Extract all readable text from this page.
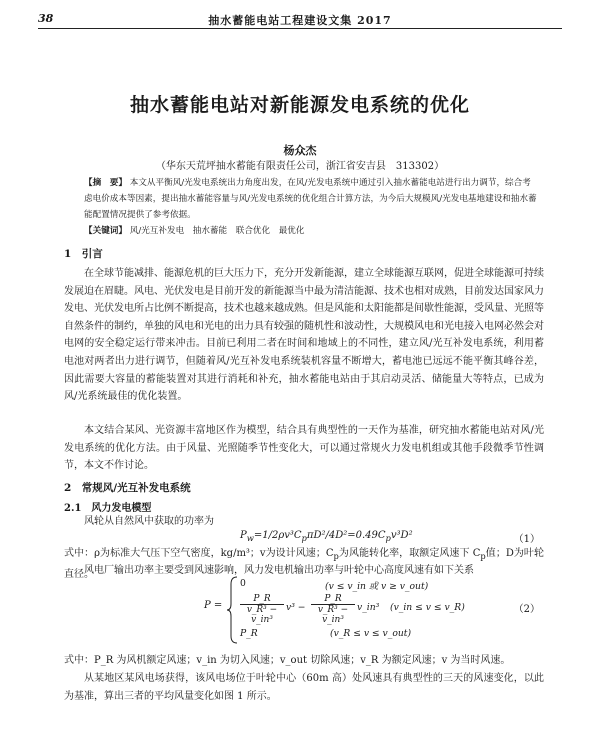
38	抽水蓄能电站工程建设文集 2017
抽水蓄能电站对新能源发电系统的优化
杨众杰
（华东天荒坪抽水蓄能有限责任公司，浙江省安吉县　313302）
【摘　要】 本文从平衡风/光发电系统出力角度出发，在风/光发电系统中通过引入抽水蓄能电站进行出力调节，综合考虑电价成本等因素，提出抽水蓄能容量与风/光发电系统的优化组合计算方法，为今后大规模风/光发电基地建设和抽水蓄能配置情况提供了参考依据。
【关键词】 风/光互补发电　抽水蓄能　联合优化　最优化
1　引言
在全球节能减排、能源危机的巨大压力下，充分开发新能源，建立全球能源互联网，促进全球能源可持续发展迫在眉睫。风电、光伏发电是目前开发的新能源当中最为清洁能源、技术也相对成熟，目前发达国家风力发电、光伏发电所占比例不断提高，技术也越来越成熟。但是风能和太阳能都是间歇性能源，受风量、光照等自然条件的制约，单独的风电和光电的出力具有较强的随机性和波动性，大规模风电和光电接入电网必然会对电网的安全稳定运行带来冲击。目前已利用二者在时间和地域上的不同性，建立风/光互补发电系统，利用蓄电池对两者出力进行调节，但随着风/光互补发电系统装机容量不断增大，蓄电池已远远不能平衡其峰谷差，因此需要大容量的蓄能装置对其进行消耗和补充，抽水蓄能电站由于其启动灵活、储能量大等特点，已成为风/光系统最佳的优化装置。
本文结合某风、光资源丰富地区作为模型，结合具有典型性的一天作为基准，研究抽水蓄能电站对风/光发电系统的优化方法。由于风量、光照随季节性变化大，可以通过常规火力发电机组或其他手段微季节性调节，本文不作讨论。
2　常规风/光互补发电系统
2.1　风力发电模型
风轮从自然风中获取的功率为
$P_w=1/2\rho v^3C_p\pi D^2/4D^2=0.49C_pv^3D^2$	（1）
式中：ρ为标准大气压下空气密度，kg/m³；v为设计风速；$C_p$为风能转化率，取额定风速下 $C_p$值；D为叶轮直径。
风电厂输出功率主要受到风速影响，风力发电机输出功率与叶轮中心高度风速有如下关系
P =	（2）
0	(v ≤ v_in 或 v ≥ v_out)
$\frac{P\_R}{\text{v\_R³ − v\_in³}} v^3 - \frac{P\_R}{\text{v\_R³ − v\_in³}}$ v_in³ (v_in ≤ v ≤ v_R)
P_R	(v_R ≤ v ≤ v_out)
式中：P_R 为风机额定风速；v_in 为切入风速；v_out 切除风速；v_R 为额定风速；v 为当时风速。
从某地区某风电场获得，该风电场位于叶轮中心（60m 高）处风速具有典型性的三天的风速变化，以此为基准，算出三者的平均风量变化如图 1 所示。
